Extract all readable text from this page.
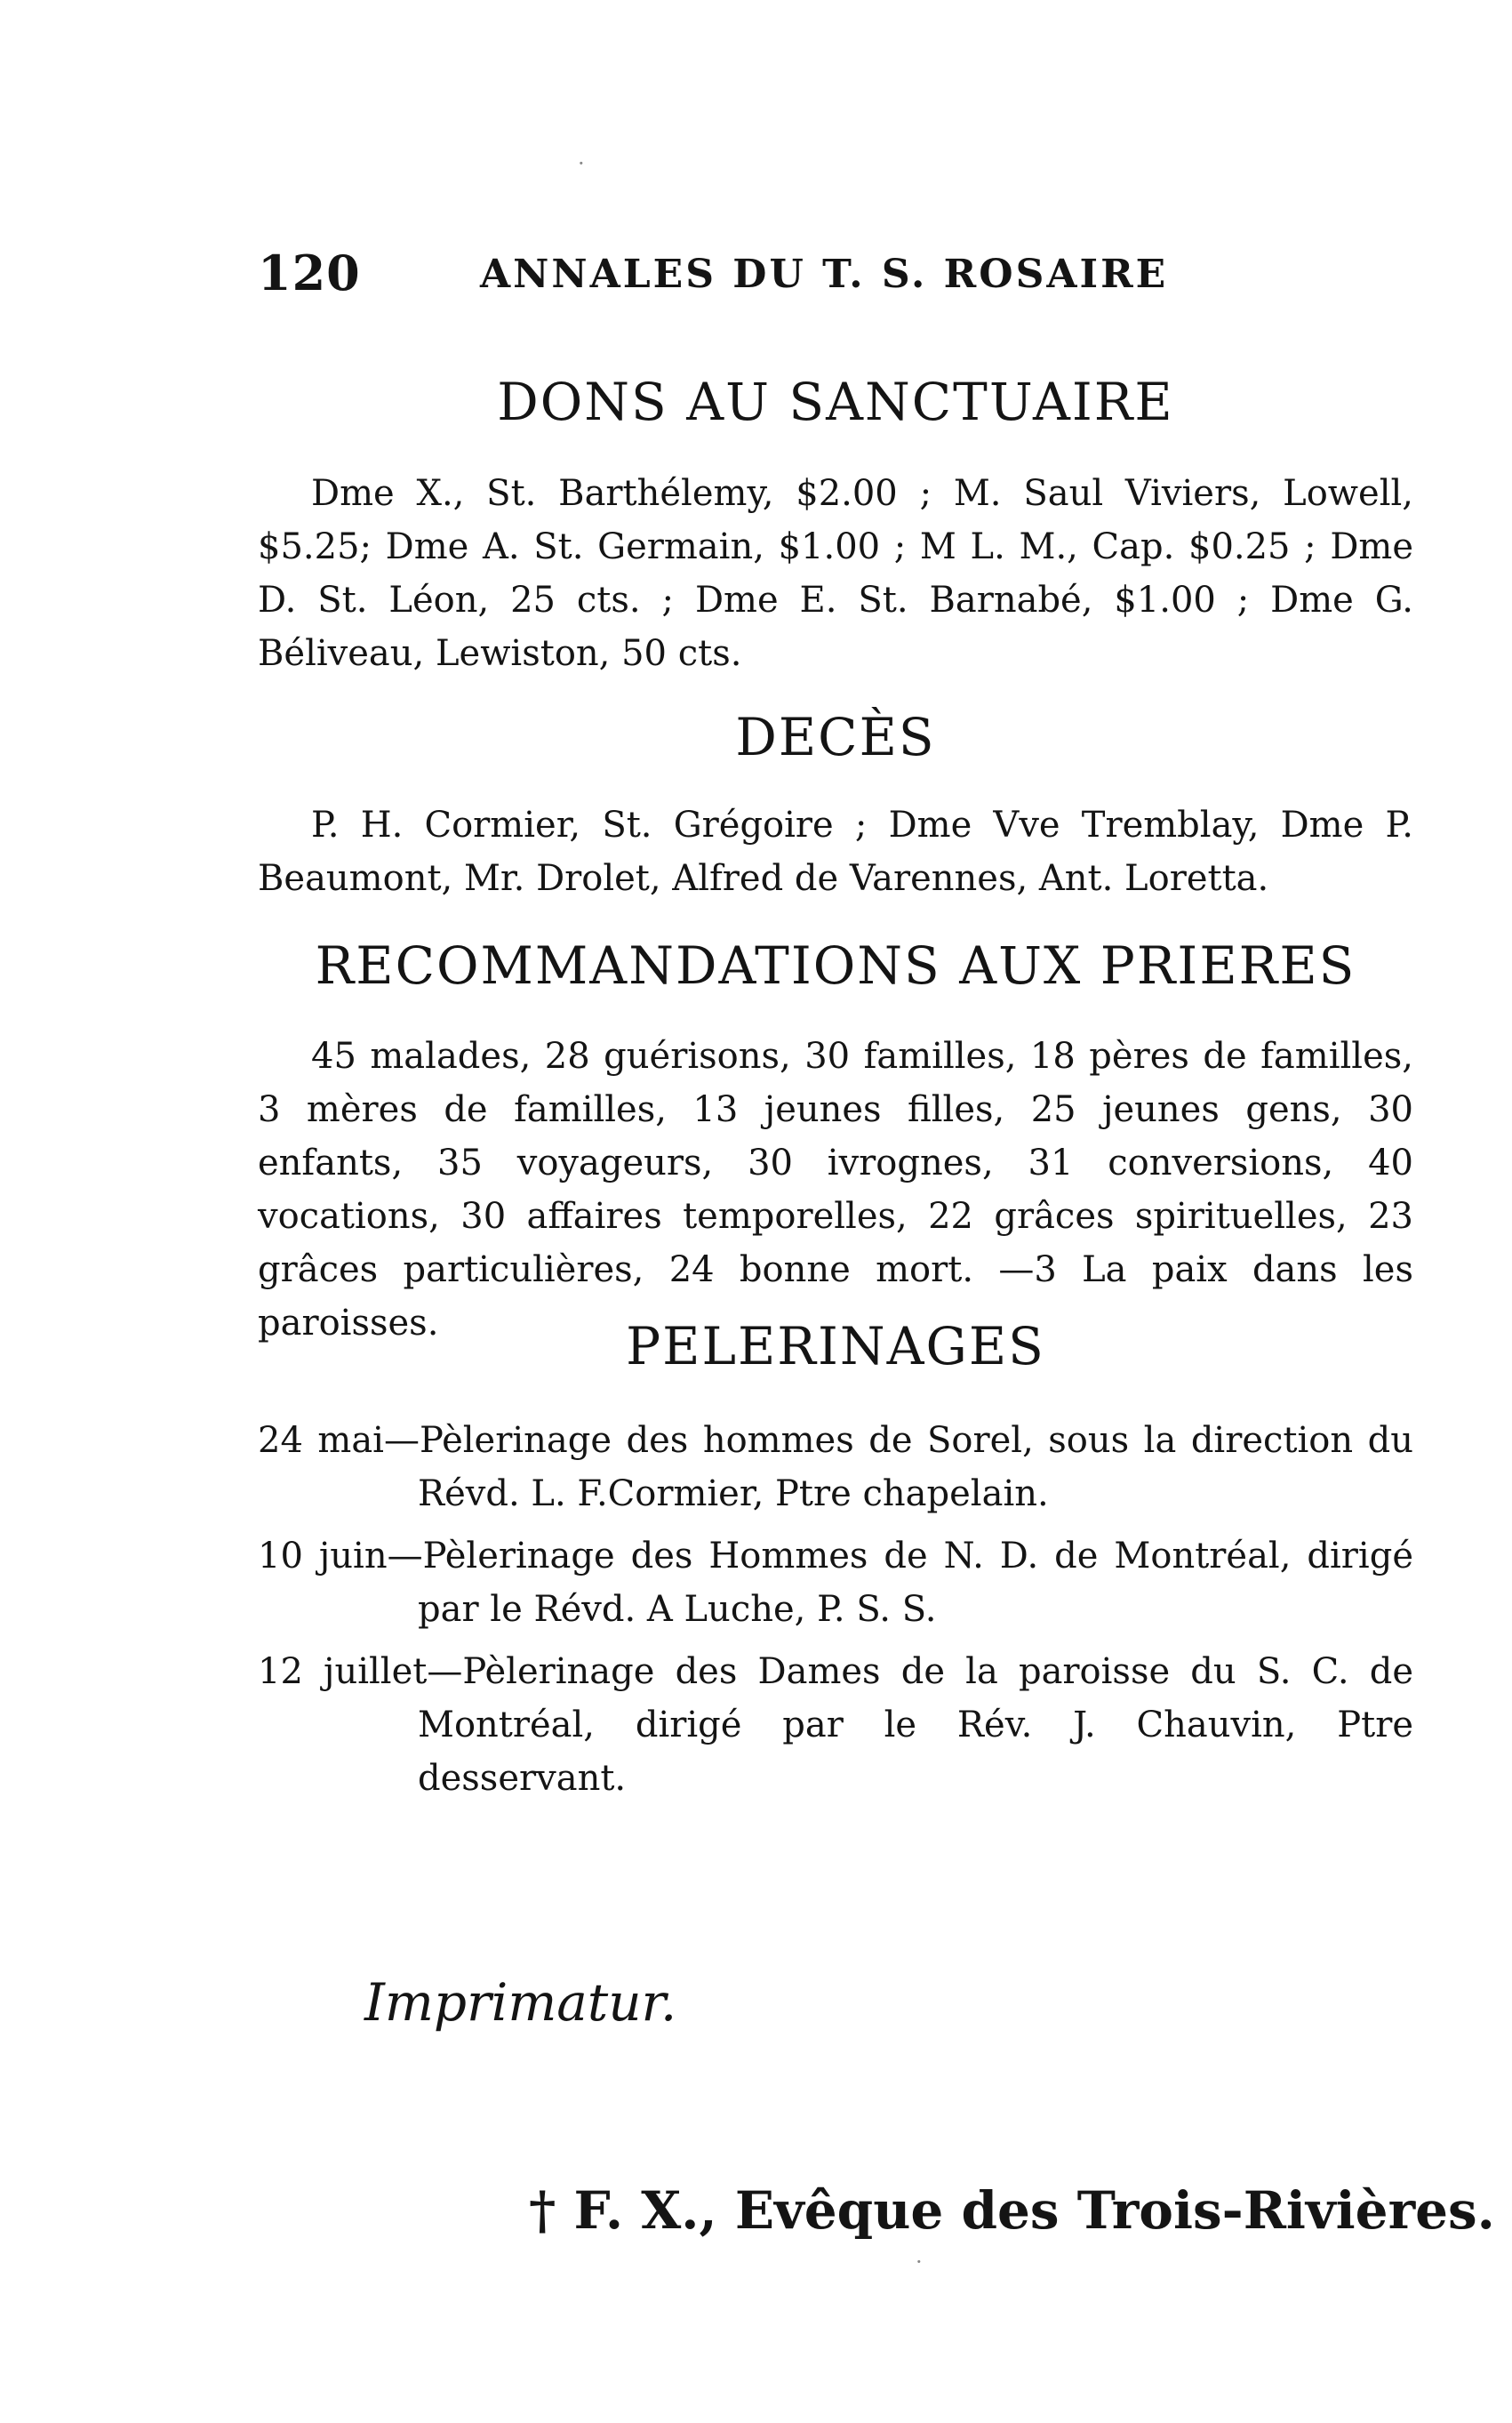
120	ANNALES DU T. S. ROSAIRE
DONS AU SANCTUAIRE
Dme X., St. Barthélemy, $2.00 ; M. Saul Viviers, Lowell, $5.25; Dme A. St. Germain, $1.00 ; M L. M., Cap. $0.25 ; Dme D. St. Léon, 25 cts. ; Dme E. St. Barnabé, $1.00 ; Dme G. Béliveau, Lewiston, 50 cts.
DECÈS
P. H. Cormier, St. Grégoire ; Dme Vve Tremblay, Dme P. Beaumont, Mr. Drolet, Alfred de Varennes, Ant. Loretta.
RECOMMANDATIONS AUX PRIERES
45 malades, 28 guérisons, 30 familles, 18 pères de familles, 3 mères de familles, 13 jeunes filles, 25 jeunes gens, 30 enfants, 35 voyageurs, 30 ivrognes, 31 conversions, 40 vocations, 30 affaires temporelles, 22 grâces spirituelles, 23 grâces particulières, 24 bonne mort. —3 La paix dans les paroisses.	PELERINAGES
24 mai—Pèlerinage des hommes de Sorel, sous la direction du Révd. L. F.Cormier, Ptre chapelain.
10 juin—Pèlerinage des Hommes de N. D. de Montréal, dirigé par le Révd. A Luche, P. S. S.
12 juillet—Pèlerinage des Dames de la paroisse du S. C. de Montréal, dirigé par le Rév. J. Chauvin, Ptre desservant.
Imprimatur.
† F. X., Evêque des Trois-Rivières.
·
·
